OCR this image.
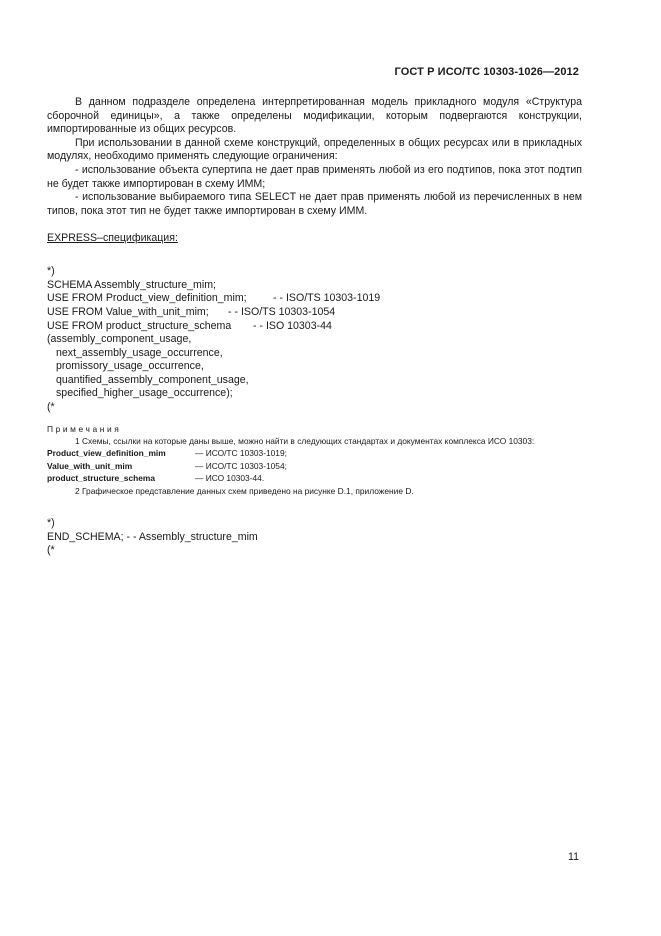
ГОСТ Р ИСО/ТС 10303-1026—2012

В данном подразделе определена интерпретированная модель прикладного модуля «Структура сборочной единицы», а также определены модификации, которым подвергаются конструкции, импортированные из общих ресурсов.

При использовании в данной схеме конструкций, определенных в общих ресурсах или в прикладных модулях, необходимо применять следующие ограничения:

- использование объекта супертипа не дает прав применять любой из его подтипов, пока этот подтип не будет также импортирован в схему ИММ;

- использование выбираемого типа SELECT не дает прав применять любой из перечисленных в нем типов, пока этот тип не будет также импортирован в схему ИММ.

EXPRESS–спецификация:

*)

SCHEMA Assembly_structure_mim;

USE FROM Product_view_definition_mim; - - ISO/TS 10303-1019

USE FROM Value_with_unit_mim; - - ISO/TS 10303-1054

USE FROM product_structure_schema - - ISO 10303-44

(assembly_component_usage,

next_assembly_usage_occurrence,

promissory_usage_occurrence,

quantified_assembly_component_usage,

specified_higher_usage_occurrence);

(*

Примечания

1 Схемы, ссылки на которые даны выше, можно найти в следующих стандартах и документах комплекса ИСО 10303:

Product_view_definition_mim	— ИСО/ТС 10303-1019;

Value_with_unit_mim	— ИСО/ТС 10303-1054;

product_structure_schema	— ИСО 10303-44.

2 Графическое представление данных схем приведено на рисунке D.1, приложение D.

*)

END_SCHEMA; - - Assembly_structure_mim

(*

11
